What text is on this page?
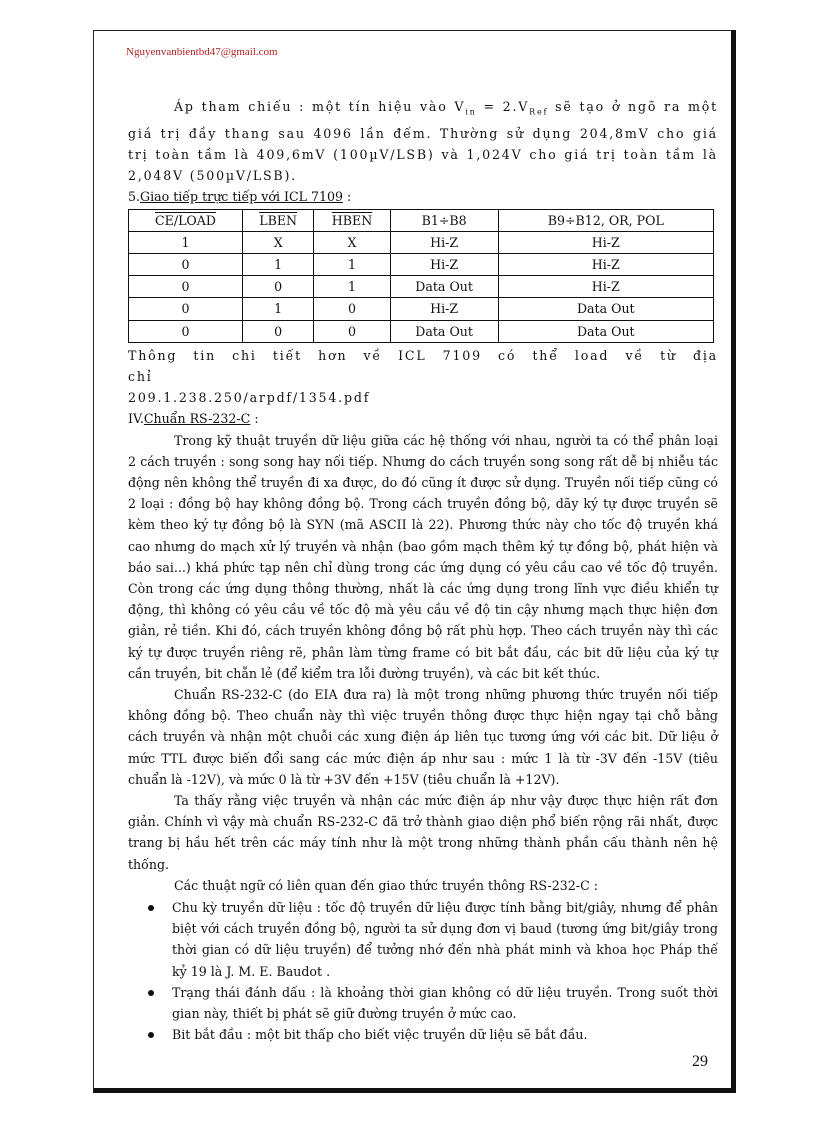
Nguyenvanbientbd47@gmail.com

Áp tham chiếu : một tín hiệu vào $V_{in} = 2.V_{Ref}$ sẽ tạo ở ngõ ra một giá trị đầy thang sau 4096 lần đếm. Thường sử dụng 204,8mV cho giá trị toàn tầm là 409,6mV (100µV/LSB) và 1,024V cho giá trị toàn tầm là 2,048V (500µV/LSB).

5.Giao tiếp trực tiếp với ICL 7109 :

CE/LOAD	LBEN	HBEN	B1÷B8	B9÷B12, OR, POL
1	X	X	Hi-Z	Hi-Z
0	1	1	Hi-Z	Hi-Z
0	0	1	Data Out	Hi-Z
0	1	0	Hi-Z	Data Out
0	0	0	Data Out	Data Out

Thông tin chi tiết hơn về ICL 7109 có thể load về từ địa chỉ
209.1.238.250/arpdf/1354.pdf

IV.Chuẩn RS-232-C :

Trong kỹ thuật truyền dữ liệu giữa các hệ thống với nhau, người ta có thể phân loại 2 cách truyền : song song hay nối tiếp. Nhưng do cách truyền song song rất dễ bị nhiễu tác động nên không thể truyền đi xa được, do đó cũng ít được sử dụng. Truyền nối tiếp cũng có 2 loại : đồng bộ hay không đồng bộ. Trong cách truyền đồng bộ, dãy ký tự được truyền sẽ kèm theo ký tự đồng bộ là SYN (mã ASCII là 22). Phương thức này cho tốc độ truyền khá cao nhưng do mạch xử lý truyền và nhận (bao gồm mạch thêm ký tự đồng bộ, phát hiện và báo sai...) khá phức tạp nên chỉ dùng trong các ứng dụng có yêu cầu cao về tốc độ truyền. Còn trong các ứng dụng thông thường, nhất là các ứng dụng trong lĩnh vực điều khiển tự động, thì không có yêu cầu về tốc độ mà yêu cầu về độ tin cậy nhưng mạch thực hiện đơn giản, rẻ tiền. Khi đó, cách truyền không đồng bộ rất phù hợp. Theo cách truyền này thì các ký tự được truyền riêng rẽ, phân làm từng frame có bit bắt đầu, các bit dữ liệu của ký tự cần truyền, bit chẵn lẻ (để kiểm tra lỗi đường truyền), và các bit kết thúc.

Chuẩn RS-232-C (do EIA đưa ra) là một trong những phương thức truyền nối tiếp không đồng bộ. Theo chuẩn này thì việc truyền thông được thực hiện ngay tại chỗ bằng cách truyền và nhận một chuỗi các xung điện áp liên tục tương ứng với các bit. Dữ liệu ở mức TTL được biến đổi sang các mức điện áp như sau : mức 1 là từ -3V đến -15V (tiêu chuẩn là -12V), và mức 0 là từ +3V đến +15V (tiêu chuẩn là +12V).

Ta thấy rằng việc truyền và nhận các mức điện áp như vậy được thực hiện rất đơn giản. Chính vì vậy mà chuẩn RS-232-C đã trở thành giao diện phổ biến rộng rãi nhất, được trang bị hầu hết trên các máy tính như là một trong những thành phần cấu thành nên hệ thống.

Các thuật ngữ có liên quan đến giao thức truyền thông RS-232-C :

Chu kỳ truyền dữ liệu : tốc độ truyền dữ liệu được tính bằng bit/giây, nhưng để phân biệt với cách truyền đồng bộ, người ta sử dụng đơn vị baud (tương ứng bit/giây trong thời gian có dữ liệu truyền) để tưởng nhớ đến nhà phát minh và khoa học Pháp thế kỷ 19 là J. M. E. Baudot .
Trạng thái đánh dấu : là khoảng thời gian không có dữ liệu truyền. Trong suốt thời gian này, thiết bị phát sẽ giữ đường truyền ở mức cao.
Bit bắt đầu : một bit thấp cho biết việc truyền dữ liệu sẽ bắt đầu.
29
